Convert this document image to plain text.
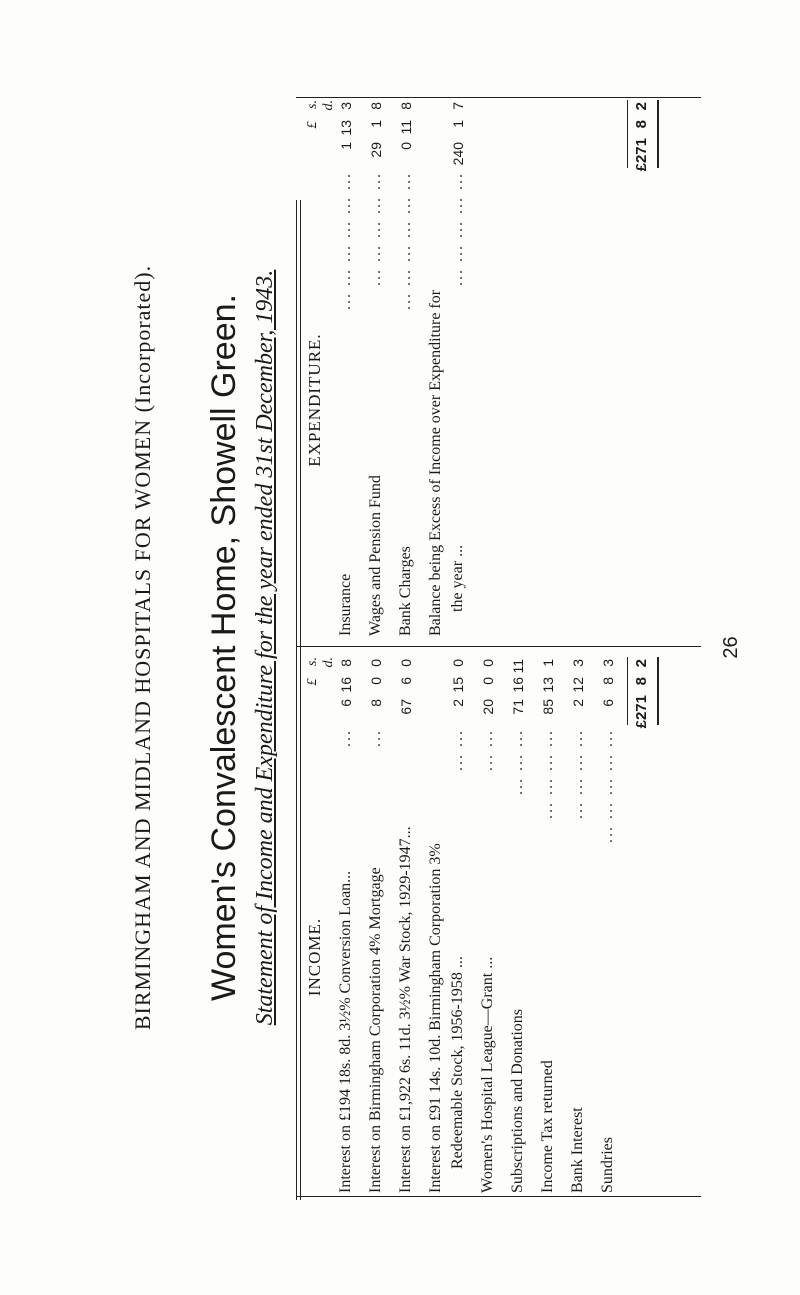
BIRMINGHAM AND MIDLAND HOSPITALS FOR WOMEN (Incorporated). Women's Convalescent Home, Showell Green. Statement of Income and Expenditure for the year ended 31st December, 1943. INCOME.
£ s. d.
Interest on £194 18s. 8d. 3½% Conversion Loan...
...
6
16
8
Interest on Birmingham Corporation 4% Mortgage
...
8
0
0
Interest on £1,922 6s. 11d. 3½% War Stock, 1929-1947...
67
6
0
Interest on £91 14s. 10d. Birmingham Corporation 3% Redeemable Stock, 1956-1958 ...
... ...
2
15
0
Women's Hospital League—Grant ...
... ...
20
0
0
Subscriptions and Donations
... ... ...
71
16
11
Income Tax returned
... ... ... ...
85
13
1
Bank Interest
... ... ... ...
2
12
3
Sundries
... ... ... ... ...
6
8
3
£271
8
2
EXPENDITURE.
£ s. d.
Insurance
... ... ... ... ... ...
1
13
3
Wages and Pension Fund
... ... ... ... ...
29
1
8
Bank Charges
... ... ... ... ... ...
0
11
8
Balance being Excess of Income over Expenditure for the year ...
... ... ... ... ...
240
1
7
£271
8
2
26
